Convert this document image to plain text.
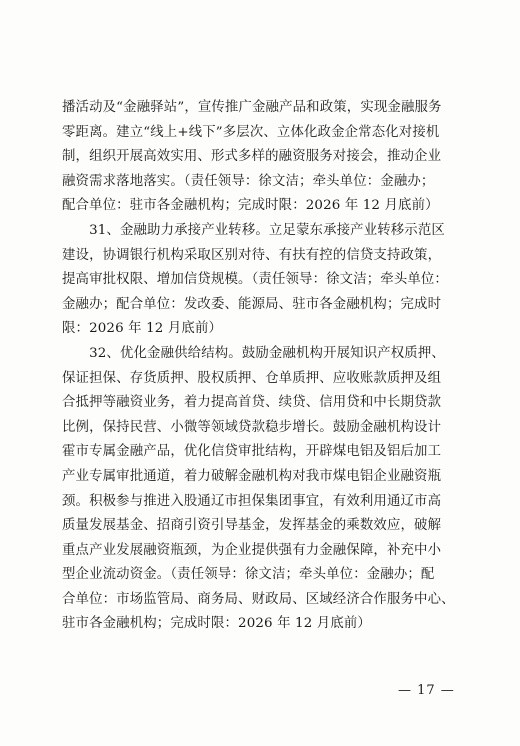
播活动及“金融驿站”，宣传推广金融产品和政策，实现金融服务
零距离。建立“线上+线下”多层次、立体化政金企常态化对接机
制，组织开展高效实用、形式多样的融资服务对接会，推动企业
融资需求落地落实。（责任领导：徐文洁；牵头单位：金融办；
配合单位：驻市各金融机构；完成时限：2026 年 12 月底前）

　　31、金融助力承接产业转移。立足蒙东承接产业转移示范区
建设，协调银行机构采取区别对待、有扶有控的信贷支持政策，
提高审批权限、增加信贷规模。（责任领导：徐文洁；牵头单位：
金融办；配合单位：发改委、能源局、驻市各金融机构；完成时
限：2026 年 12 月底前）

　　32、优化金融供给结构。鼓励金融机构开展知识产权质押、
保证担保、存货质押、股权质押、仓单质押、应收账款质押及组
合抵押等融资业务，着力提高首贷、续贷、信用贷和中长期贷款
比例，保持民营、小微等领域贷款稳步增长。鼓励金融机构设计
霍市专属金融产品，优化信贷审批结构，开辟煤电铝及铝后加工
产业专属审批通道，着力破解金融机构对我市煤电铝企业融资瓶
颈。积极参与推进入股通辽市担保集团事宜，有效利用通辽市高
质量发展基金、招商引资引导基金，发挥基金的乘数效应，破解
重点产业发展融资瓶颈，为企业提供强有力金融保障，补充中小
型企业流动资金。（责任领导：徐文洁；牵头单位：金融办；配
合单位：市场监管局、商务局、财政局、区域经济合作服务中心、
驻市各金融机构；完成时限：2026 年 12 月底前）

— 17 —
